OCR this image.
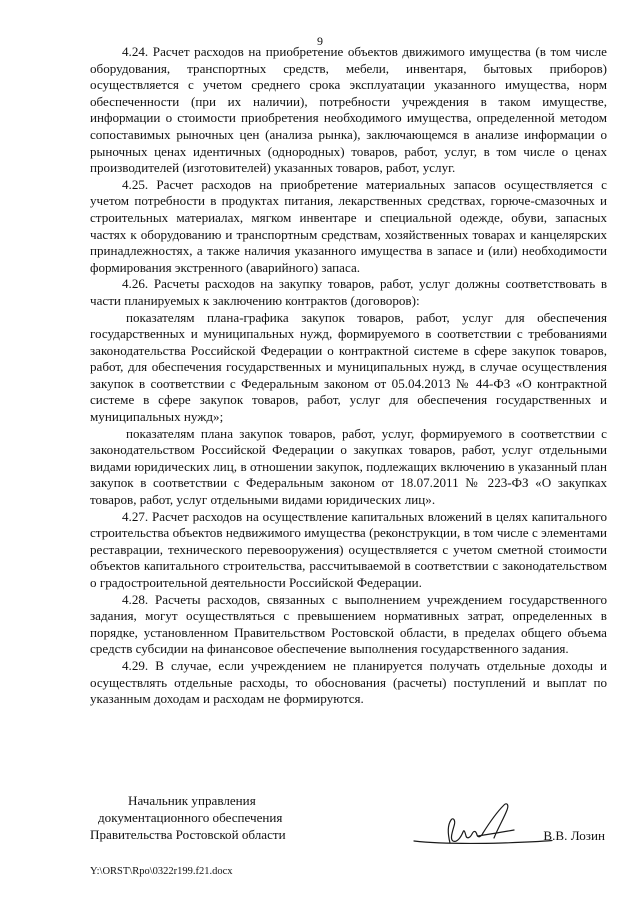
9

4.24. Расчет расходов на приобретение объектов движимого имущества (в том числе оборудования, транспортных средств, мебели, инвентаря, бытовых приборов) осуществляется с учетом среднего срока эксплуатации указанного имущества, норм обеспеченности (при их наличии), потребности учреждения в таком имуществе, информации о стоимости приобретения необходимого имущества, определенной методом сопоставимых рыночных цен (анализа рынка), заключающемся в анализе информации о рыночных ценах идентичных (однородных) товаров, работ, услуг, в том числе о ценах производителей (изготовителей) указанных товаров, работ, услуг.

4.25. Расчет расходов на приобретение материальных запасов осуществляется с учетом потребности в продуктах питания, лекарственных средствах, горюче-смазочных и строительных материалах, мягком инвентаре и специальной одежде, обуви, запасных частях к оборудованию и транспортным средствам, хозяйственных товарах и канцелярских принадлежностях, а также наличия указанного имущества в запасе и (или) необходимости формирования экстренного (аварийного) запаса.

4.26. Расчеты расходов на закупку товаров, работ, услуг должны соответствовать в части планируемых к заключению контрактов (договоров):

показателям плана-графика закупок товаров, работ, услуг для обеспечения государственных и муниципальных нужд, формируемого в соответствии с требованиями законодательства Российской Федерации о контрактной системе в сфере закупок товаров, работ, для обеспечения государственных и муниципальных нужд, в случае осуществления закупок в соответствии с Федеральным законом от 05.04.2013 № 44-ФЗ «О контрактной системе в сфере закупок товаров, работ, услуг для обеспечения государственных и муниципальных нужд»;

показателям плана закупок товаров, работ, услуг, формируемого в соответствии с законодательством Российской Федерации о закупках товаров, работ, услуг отдельными видами юридических лиц, в отношении закупок, подлежащих включению в указанный план закупок в соответствии с Федеральным законом от 18.07.2011 № 223-ФЗ «О закупках товаров, работ, услуг отдельными видами юридических лиц».

4.27. Расчет расходов на осуществление капитальных вложений в целях капитального строительства объектов недвижимого имущества (реконструкции, в том числе с элементами реставрации, технического перевооружения) осуществляется с учетом сметной стоимости объектов капитального строительства, рассчитываемой в соответствии с законодательством о градостроительной деятельности Российской Федерации.

4.28. Расчеты расходов, связанных с выполнением учреждением государственного задания, могут осуществляться с превышением нормативных затрат, определенных в порядке, установленном Правительством Ростовской области, в пределах общего объема средств субсидии на финансовое обеспечение выполнения государственного задания.

4.29. В случае, если учреждением не планируется получать отдельные доходы и осуществлять отдельные расходы, то обоснования (расчеты) поступлений и выплат по указанным доходам и расходам не формируются.

Начальник управления
документационного обеспечения
Правительства Ростовской области	В.В. Лозин
Y:\ORST\Rpo\0322r199.f21.docx
